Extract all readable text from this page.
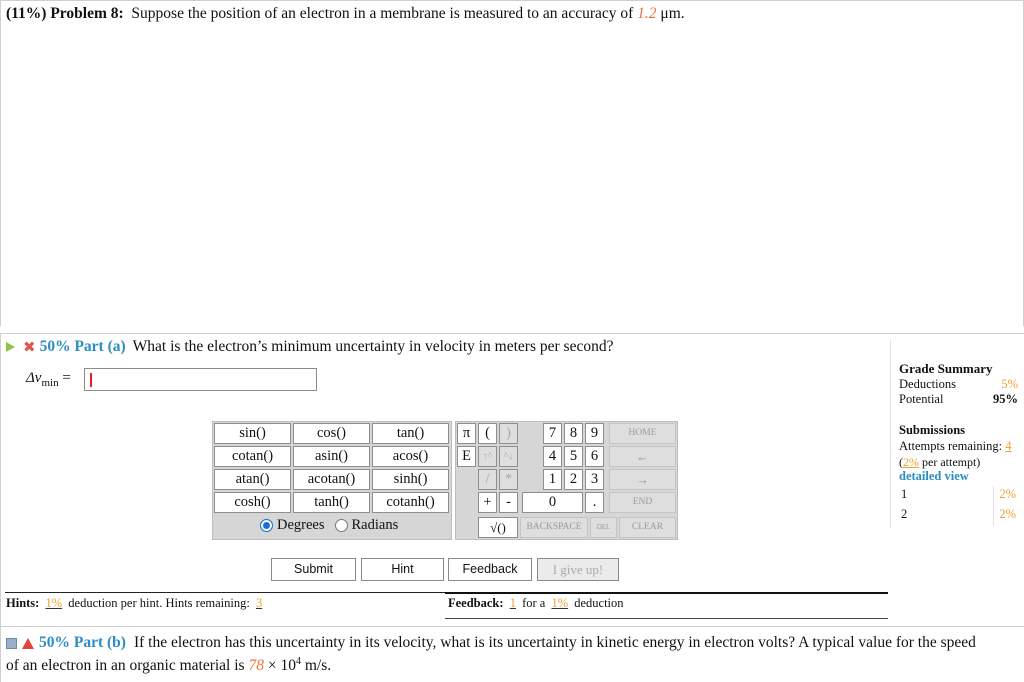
(11%) Problem 8: Suppose the position of an electron in a membrane is measured to an accuracy of 1.2 μm.
✖ 50% Part (a) What is the electron’s minimum uncertainty in velocity in meters per second?
$\Delta v_{min}$ =
sin()	cos()	tan()
cotan()	asin()	acos()
atan()	acotan()	sinh()
cosh()	tanh()	cotanh()
Degrees Radians
π	(	)	7 8 9	HOME
E	↑^	^↓	4 5 6	←
/	*	1 2 3	→
+ -	0	.	END
√()	BACKSPACE	DEL	CLEAR
Submit	Hint	Feedback	I give up!
Hints: 1% deduction per hint. Hints remaining: 3	Feedback: 1 for a 1% deduction
Grade Summary
Deductions	5%
Potential	95%
Submissions
Attempts remaining: 4
(2% per attempt)
detailed view
1	2%
2	2%
50% Part (b) If the electron has this uncertainty in its velocity, what is its uncertainty in kinetic energy in electron volts? A typical value for the speed
of an electron in an organic material is $78 \times 10^4$ m/s.
